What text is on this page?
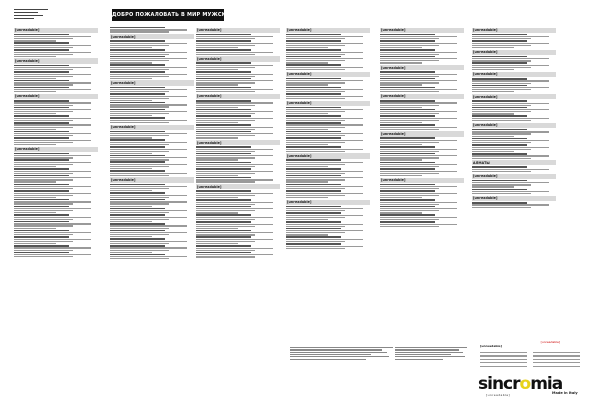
ДОБРО ПОЖАЛОВАТЬ В МИР МУЖСКОЙ МОДЫ SINCROMIA
[unreadable]
[unreadable]
[unreadable]
[unreadable]
[unreadable]
[unreadable]
[unreadable]
[unreadable]
[unreadable]
[unreadable]
[unreadable]
[unreadable]
[unreadable]
[unreadable]
[unreadable]
[unreadable]
[unreadable]
[unreadable]
[unreadable]
[unreadable]
[unreadable]
[unreadable]
[unreadable]
[unreadable]
[unreadable]
[unreadable]
[unreadable]
[unreadable]
АЛМАТЫ
[unreadable]
[unreadable]
[unreadable]
[unreadable]
sincromia
[unreadable]	Made in Italy
